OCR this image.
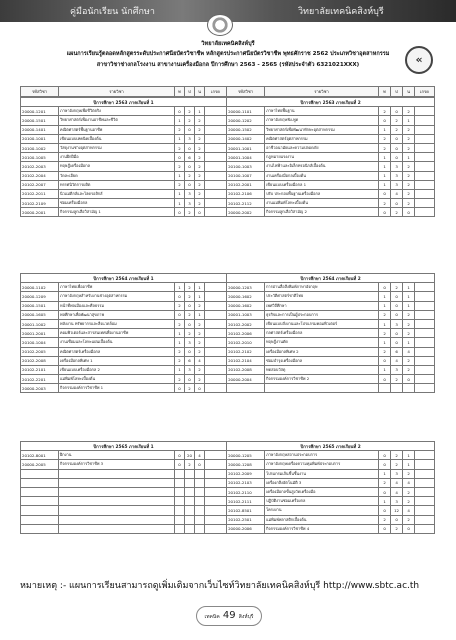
คู่มือนักเรียน นักศึกษา	วิทยาลัยเทคนิคสิงห์บุรี
«
วิทยาลัยเทคนิคสิงห์บุรี
แผนการเรียนรู้ตลอดหลักสูตรระดับประกาศนียบัตรวิชาชีพ หลักสูตรประกาศนียบัตรวิชาชีพ พุทธศักราช 2562 ประเภทวิชาอุตสาหกรรม
สาขาวิชาช่างกลโรงงาน สาขางานเครื่องมือกล ปีการศึกษา 2563 - 2565 (รหัสประจำตัว 6321021XXX)
รหัสวิชา	รายวิชา	ท	ป	น	เกรด	รหัสวิชา	รายวิชา	ท	ป	น	เกรด
ปีการศึกษา 2563 ภาคเรียนที่ 1						ปีการศึกษา 2563 ภาคเรียนที่ 2					
20000-1201	ภาษาอังกฤษเพื่อชีวิตจริง	0	2	1		20000-1101	ภาษาไทยพื้นฐาน	2	0	2	
20000-1501	วิทยาศาสตร์เพื่องานอาชีพและชีวิต	1	2	2		20000-1202	ภาษาอังกฤษฟัง-พูด	0	2	1	
20000-1401	คณิตศาสตร์พื้นฐานอาชีพ	2	0	2		20000-1502	วิทยาศาสตร์เพื่อพัฒนาทักษะอุตสาหกรรม	1	2	2	
20100-1001	เขียนแบบเทคนิคเบื้องต้น	1	3	2		20000-1402	คณิตศาสตร์อุตสาหกรรม	2	0	2	
20100-1002	วัสดุงานช่างอุตสาหกรรม	2	0	2		20001-1001	อาชีวอนามัยและความปลอดภัย	2	0	2	
20100-1005	งานฝึกฝีมือ	0	6	2		20001-1004	กฎหมายแรงงาน	1	0	1	
20102-2003	ทฤษฎีเครื่องมือกล	2	0	2		20100-1003	งานไฟฟ้าและอิเล็กทรอนิกส์เบื้องต้น	1	3	2	
20102-2004	วัดละเอียด	1	2	2		20100-1007	งานเครื่องมือกลเบื้องต้น	1	3	2	
20102-2007	ทรรศนิวัตการผลิต	2	0	2		20102-2001	เขียนแบบเครื่องมือกล 1	1	3	2	
20102-2011	นิวแม่ติกส์และไฮดรอลิกส์	1	3	2		20102-2106	ปรับ ประกอบพื้นฐานเครื่องมือกล	0	4	2	
20102-2109	ซ่อมเครื่องมือกล	1	3	2		20102-2112	งานแม่พิมพ์โลหะเบื้องต้น	2	0	2	
20000-2001	กิจกรรมลูกเสือวิสามัญ 1	0	2	0		20000-2002	กิจกรรมลูกเสือวิสามัญ 2	0	2	0	
ปีการศึกษา 2564 ภาคเรียนที่ 1						ปีการศึกษา 2564 ภาคเรียนที่ 2					
20000-1102	ภาษาไทยเพื่ออาชีพ	1	2	1		20000-1203	การอ่านสื่อสิ่งพิมพ์ภาษาอังกฤษ	0	2	1	
20000-1209	ภาษาอังกฤษสำหรับงานช่างอุตสาหกรรม	0	2	1		20000-1602	ประวัติศาสตร์ชาติไทย	1	0	1	
20000-1501	หน้าที่พลเมืองและศีลธรรม	2	0	2		20000-1602	เพศวิถีศึกษา	1	0	1	
20000-1605	พลศึกษาเพื่อพัฒนาสุขภาพ	0	2	1		20001-1003	ธุรกิจและการเป็นผู้ประกอบการ	2	0	2	
20001-1002	พลังงาน ทรัพยากรและสิ่งแวดล้อม	2	0	2		20102-2002	เขียนแบบสั่งงานและโปรแกรมคอมพิวเตอร์	1	3	2	
20001-2001	คอมพิวเตอร์และสารสนเทศเพื่องานอาชีพ	1	2	2		20102-2006	กลศาสตร์เครื่องมือกล	2	0	2	
20100-1004	งานเชื่อมและโลหะแผ่นเบื้องต้น	1	3	2		20102-2010	ทฤษฎีงานตัด	1	0	1	
20102-2005	คณิตศาสตร์เครื่องมือกล	2	0	2		20102-2102	เครื่องมือกลพิเศษ 2	2	6	4	
20102-2008	เครื่องมือกลพิเศษ 1	2	6	4		20102-2104	ซ่อมบำรุงเครื่องมือกล	0	4	2	
20102-2101	เขียนแบบเครื่องมือกล 2	1	3	2		20102-2008	ทดสอบวัสดุ	1	3	2	
20102-2201	แม่พิมพ์โลหะเบื้องต้น	2	0	2		20000-2004	กิจกรรมองค์การวิชาชีพ 2	0	2	0	
20000-2003	กิจกรรมองค์การวิชาชีพ 1	0	2	0							
ปีการศึกษา 2565 ภาคเรียนที่ 1						ปีการศึกษา 2565 ภาคเรียนที่ 2					
20102-8001	ฝึกงาน	0	20	4		20000-1205	ภาษาอังกฤษสถานประกอบการ	0	2	1	
20000-2005	กิจกรรมองค์การวิชาชีพ 3	0	2	0		20000-1208	ภาษาอังกฤษเครื่องความคุมพิมพ์ประกอบการ	0	2	1	
						20102-2009	โปรแกรมเส้นชิ้นชิ้นงาน	1	3	2	
						20102-2103	เครื่องกลึงอัตโนมัติ 3	2	4	4	
						20102-2110	เครื่องมือกลขั้นสูงวัดเครื่องมือ	0	4	2	
						20102-2111	ปฏิบัติงานซ่อมเครื่องกล	1	3	2	
						20102-8501	โครงงาน	0	12	4	
						20102-2501	แม่พิมพ์พลาสติกเบื้องต้น	2	0	2	
						20000-2006	กิจกรรมองค์การวิชาชีพ 4	0	2	0	
หมายเหตุ :- แผนการเรียนสามารถดูเพิ่มเติมจากเว็บไซท์วิทยาลัยเทคนิคสิงห์บุรี http://www.sbtc.ac.th
เทคนิค 49 สิงห์บุรี
